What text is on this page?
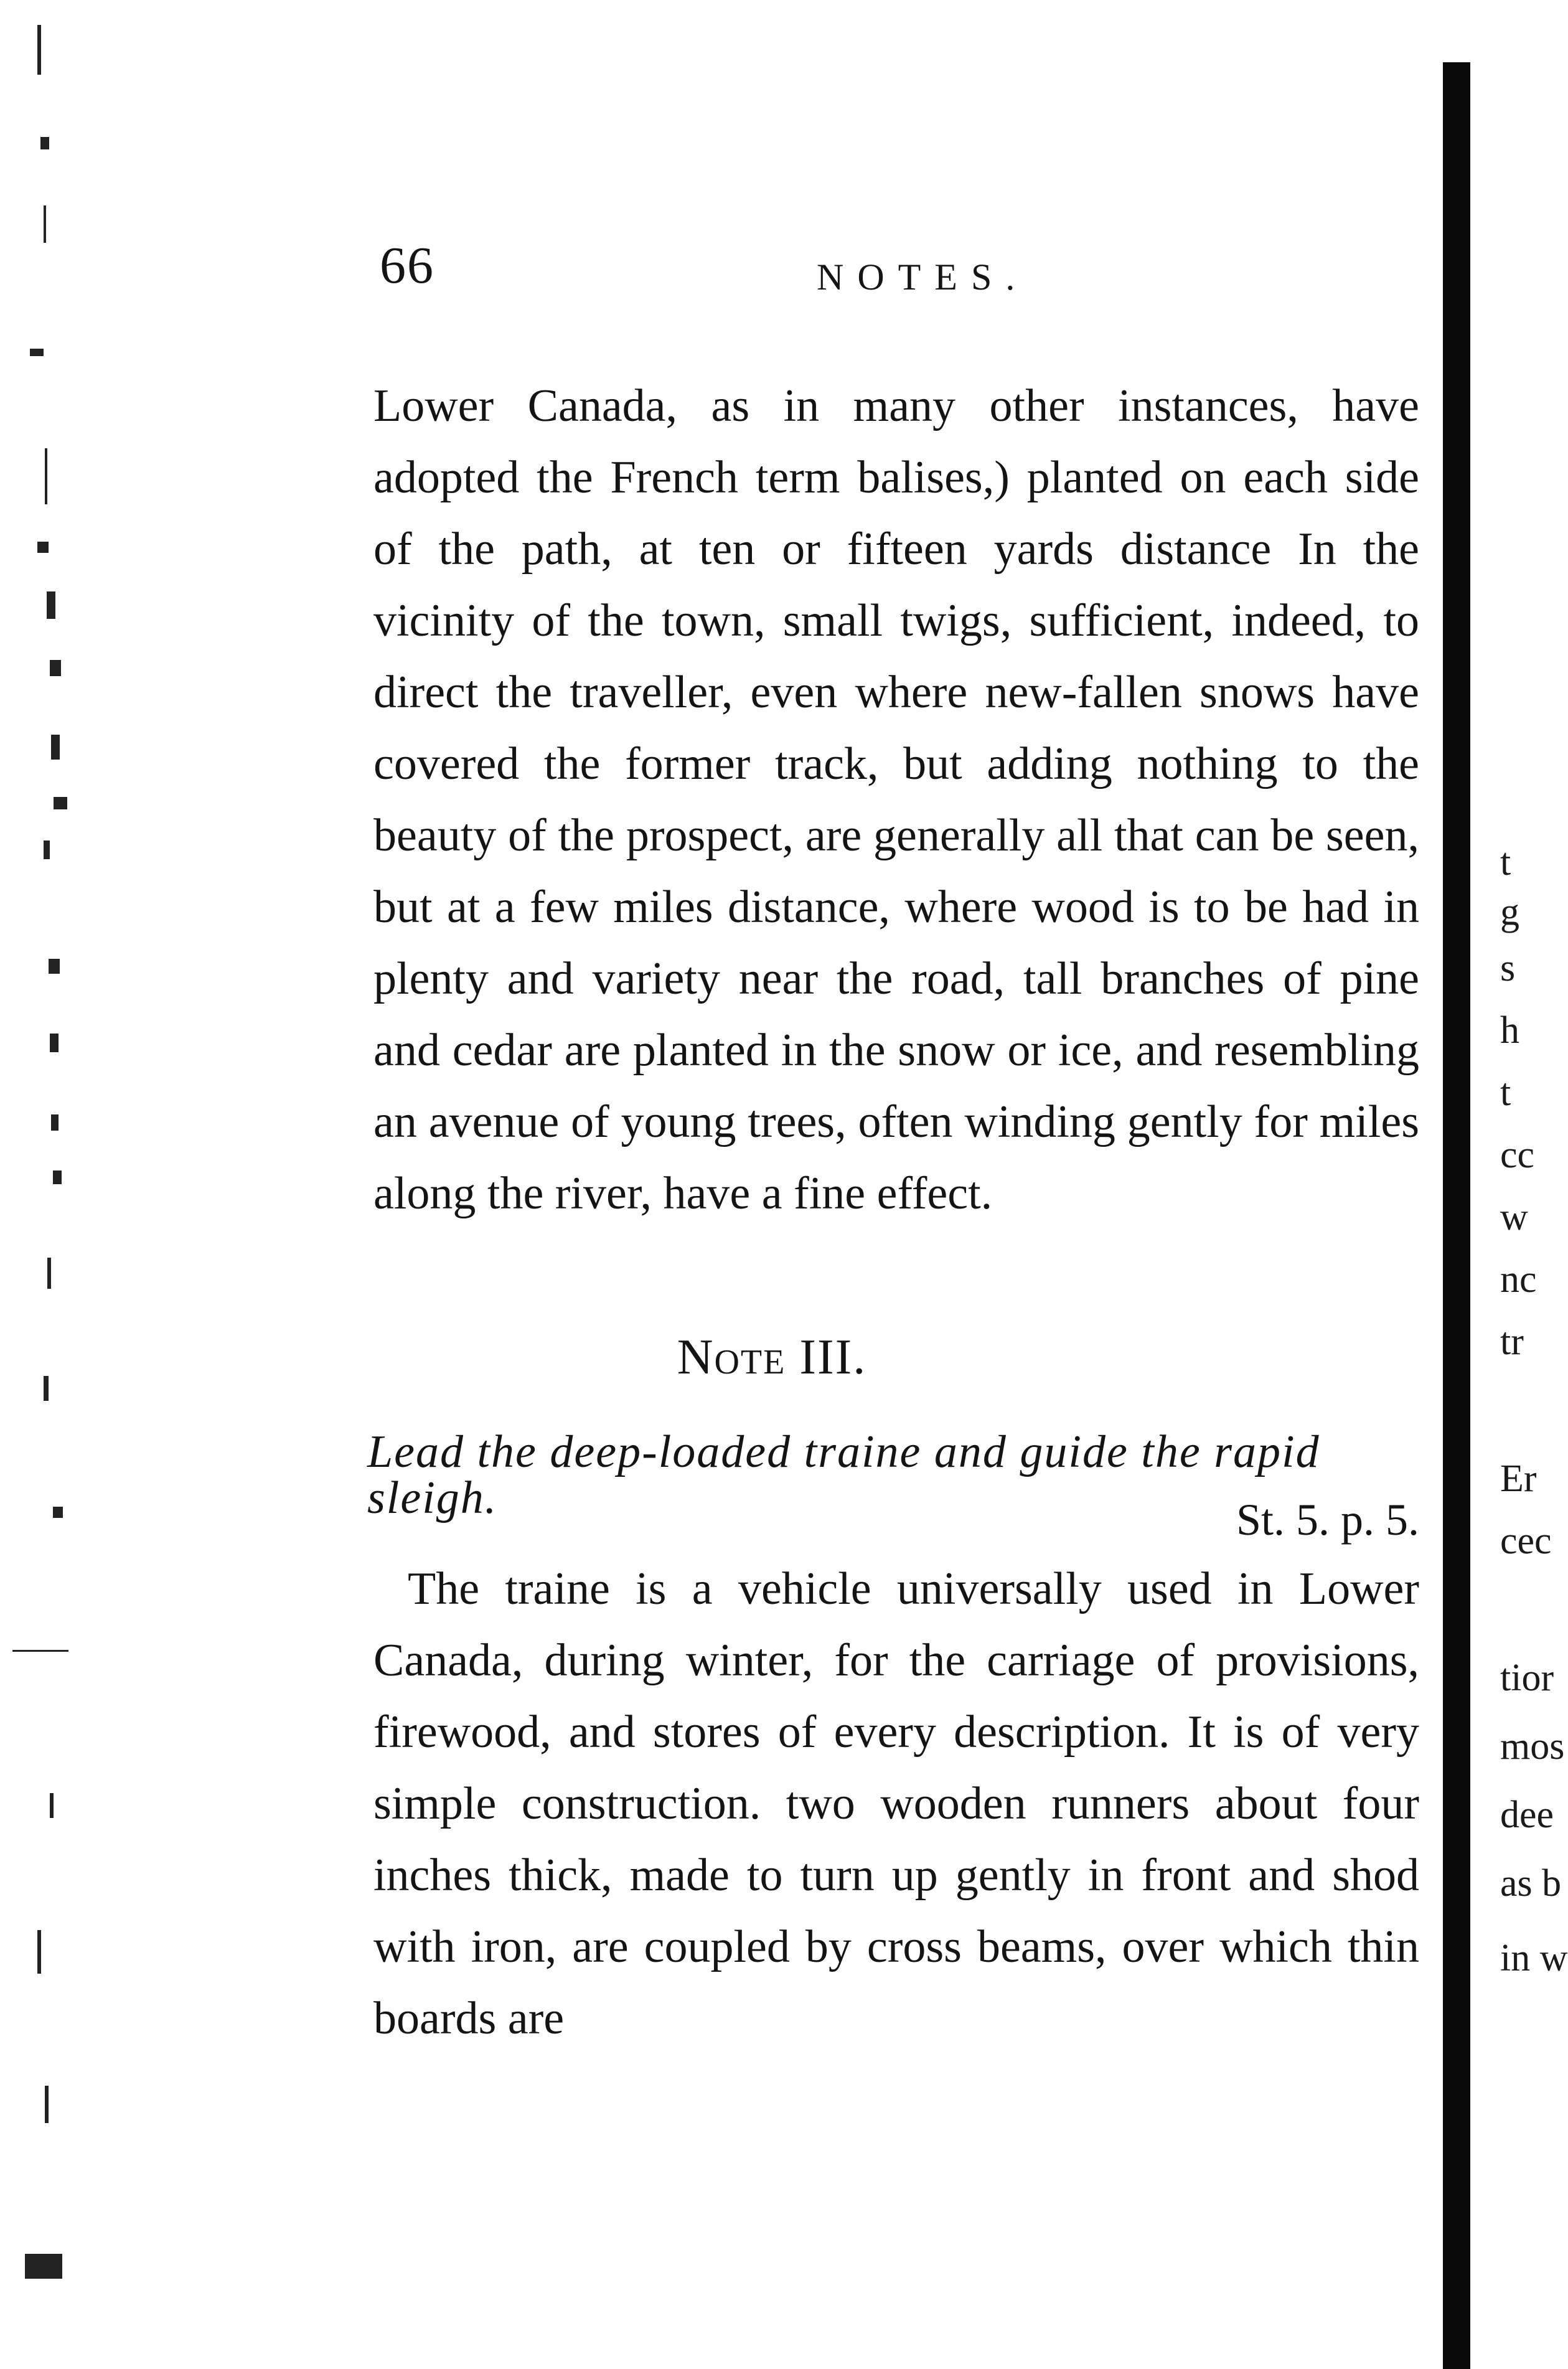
66	NOTES.

Lower Canada, as in many other instances, have adopted the French term balises,) planted on each side of the path, at ten or fifteen yards distance In the vicinity of the town, small twigs, sufficient, indeed, to direct the traveller, even where new-fallen snows have covered the former track, but adding nothing to the beauty of the prospect, are generally all that can be seen, but at a few miles distance, where wood is to be had in plenty and variety near the road, tall branches of pine and cedar are planted in the snow or ice, and resembling an avenue of young trees, often winding gently for miles along the river, have a fine effect.

Note III.
Lead the deep-loaded traine and guide the rapid sleigh.	St. 5. p. 5.

The traine is a vehicle universally used in Lower Canada, during winter, for the carriage of provisions, firewood, and stores of every description. It is of very simple construction. two wooden runners about four inches thick, made to turn up gently in front and shod with iron, are coupled by cross beams, over which thin boards are

t
g
s
h
t
cc
w
nc
tr
Er
cec
tior
mos
dee
as b
in w
